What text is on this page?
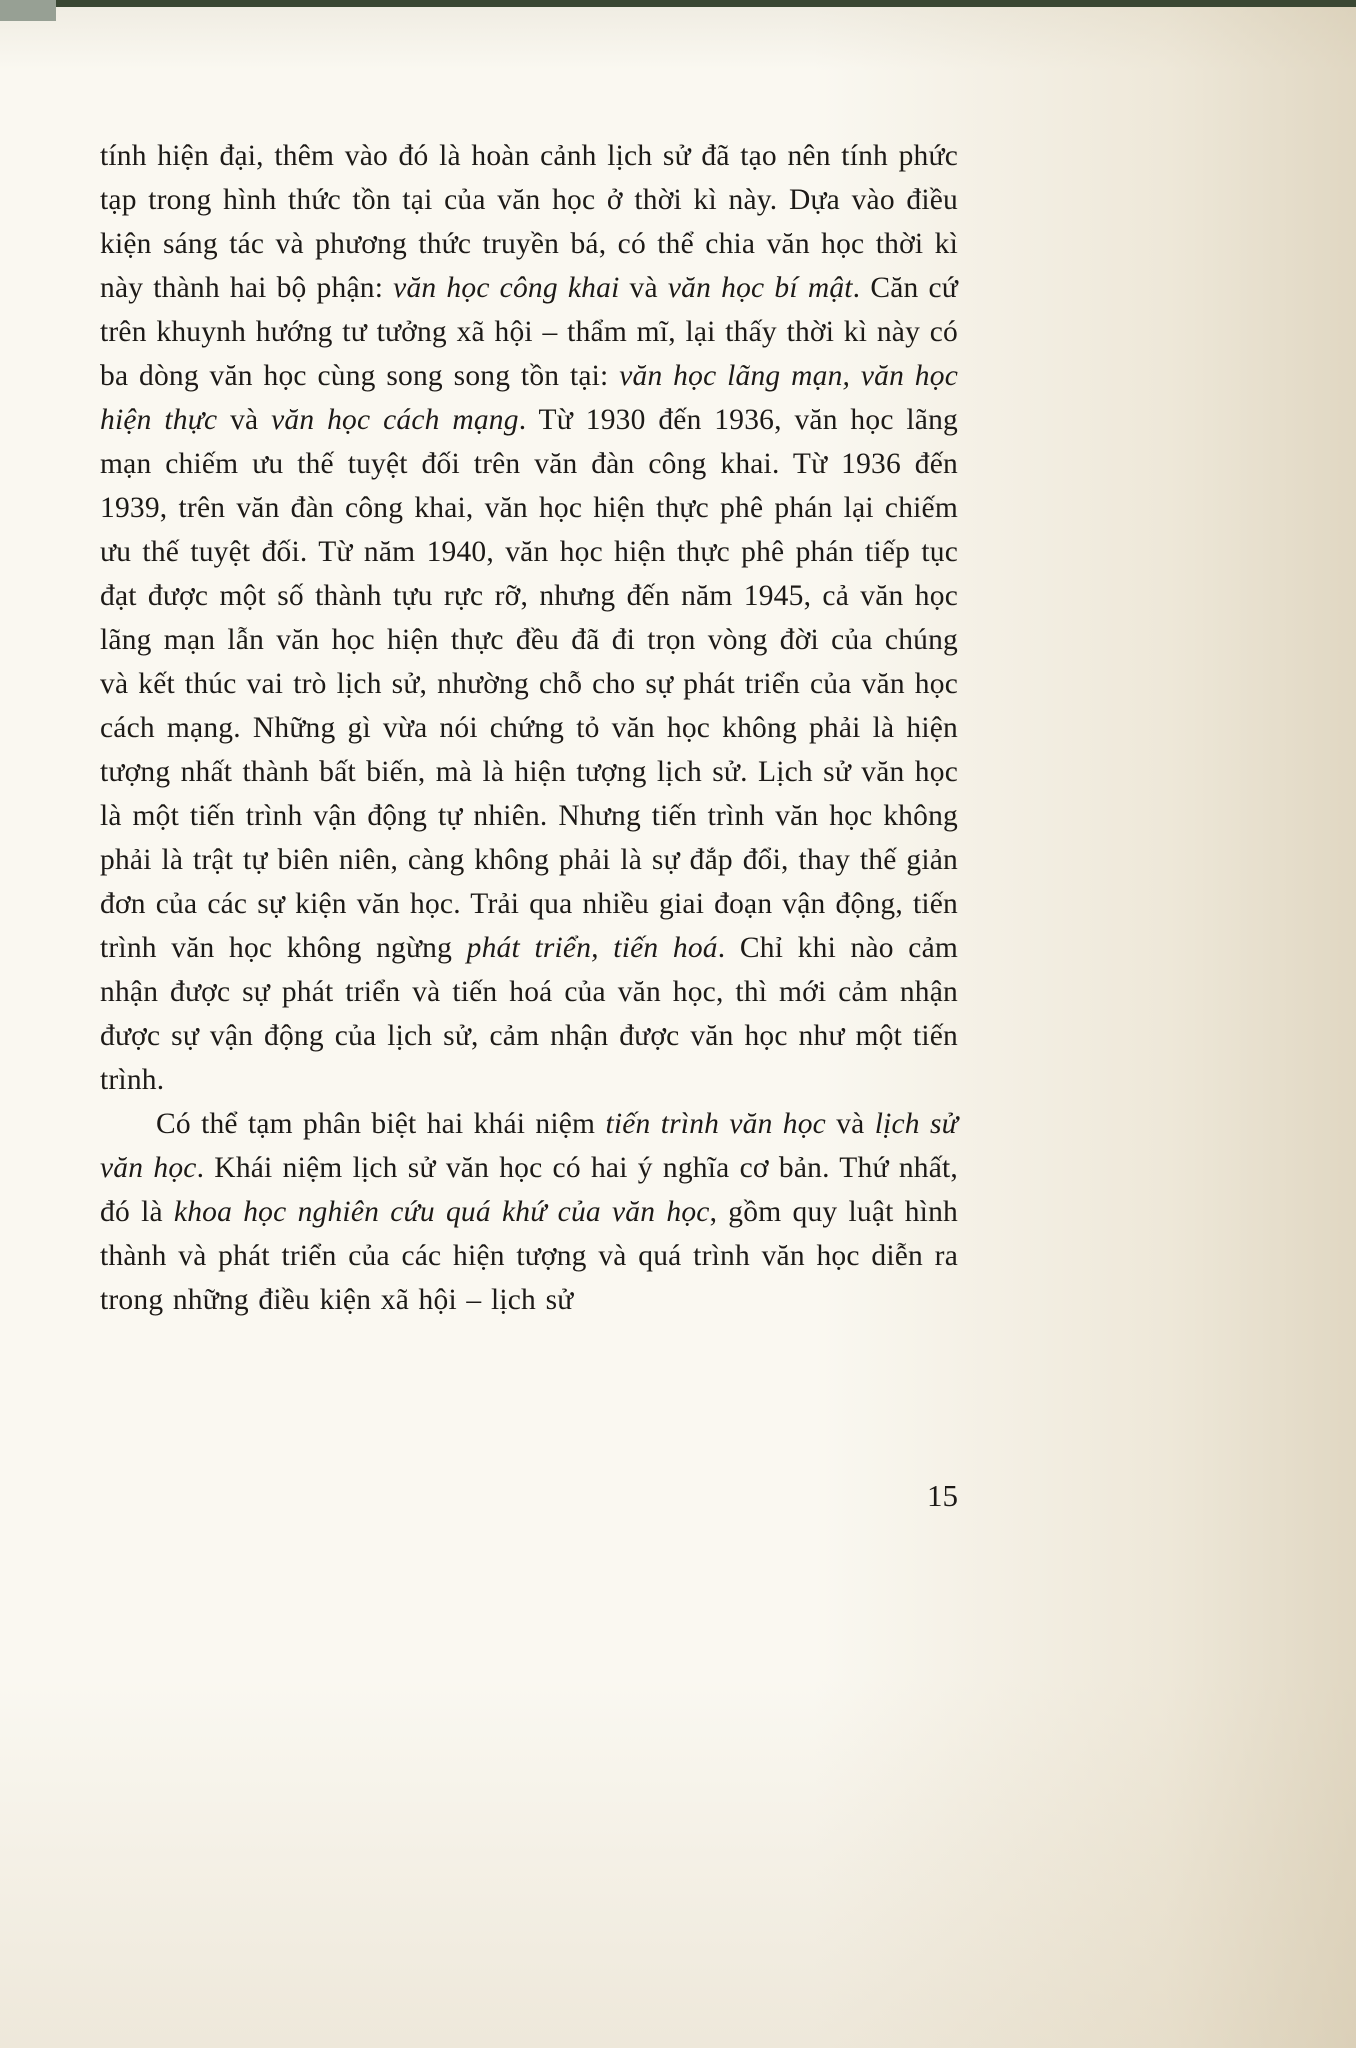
tính hiện đại, thêm vào đó là hoàn cảnh lịch sử đã tạo nên tính phức tạp trong hình thức tồn tại của văn học ở thời kì này. Dựa vào điều kiện sáng tác và phương thức truyền bá, có thể chia văn học thời kì này thành hai bộ phận: văn học công khai và văn học bí mật. Căn cứ trên khuynh hướng tư tưởng xã hội – thẩm mĩ, lại thấy thời kì này có ba dòng văn học cùng song song tồn tại: văn học lãng mạn, văn học hiện thực và văn học cách mạng. Từ 1930 đến 1936, văn học lãng mạn chiếm ưu thế tuyệt đối trên văn đàn công khai. Từ 1936 đến 1939, trên văn đàn công khai, văn học hiện thực phê phán lại chiếm ưu thế tuyệt đối. Từ năm 1940, văn học hiện thực phê phán tiếp tục đạt được một số thành tựu rực rỡ, nhưng đến năm 1945, cả văn học lãng mạn lẫn văn học hiện thực đều đã đi trọn vòng đời của chúng và kết thúc vai trò lịch sử, nhường chỗ cho sự phát triển của văn học cách mạng. Những gì vừa nói chứng tỏ văn học không phải là hiện tượng nhất thành bất biến, mà là hiện tượng lịch sử. Lịch sử văn học là một tiến trình vận động tự nhiên. Nhưng tiến trình văn học không phải là trật tự biên niên, càng không phải là sự đắp đổi, thay thế giản đơn của các sự kiện văn học. Trải qua nhiều giai đoạn vận động, tiến trình văn học không ngừng phát triển, tiến hoá. Chỉ khi nào cảm nhận được sự phát triển và tiến hoá của văn học, thì mới cảm nhận được sự vận động của lịch sử, cảm nhận được văn học như một tiến trình.

Có thể tạm phân biệt hai khái niệm tiến trình văn học và lịch sử văn học. Khái niệm lịch sử văn học có hai ý nghĩa cơ bản. Thứ nhất, đó là khoa học nghiên cứu quá khứ của văn học, gồm quy luật hình thành và phát triển của các hiện tượng và quá trình văn học diễn ra trong những điều kiện xã hội – lịch sử

15
